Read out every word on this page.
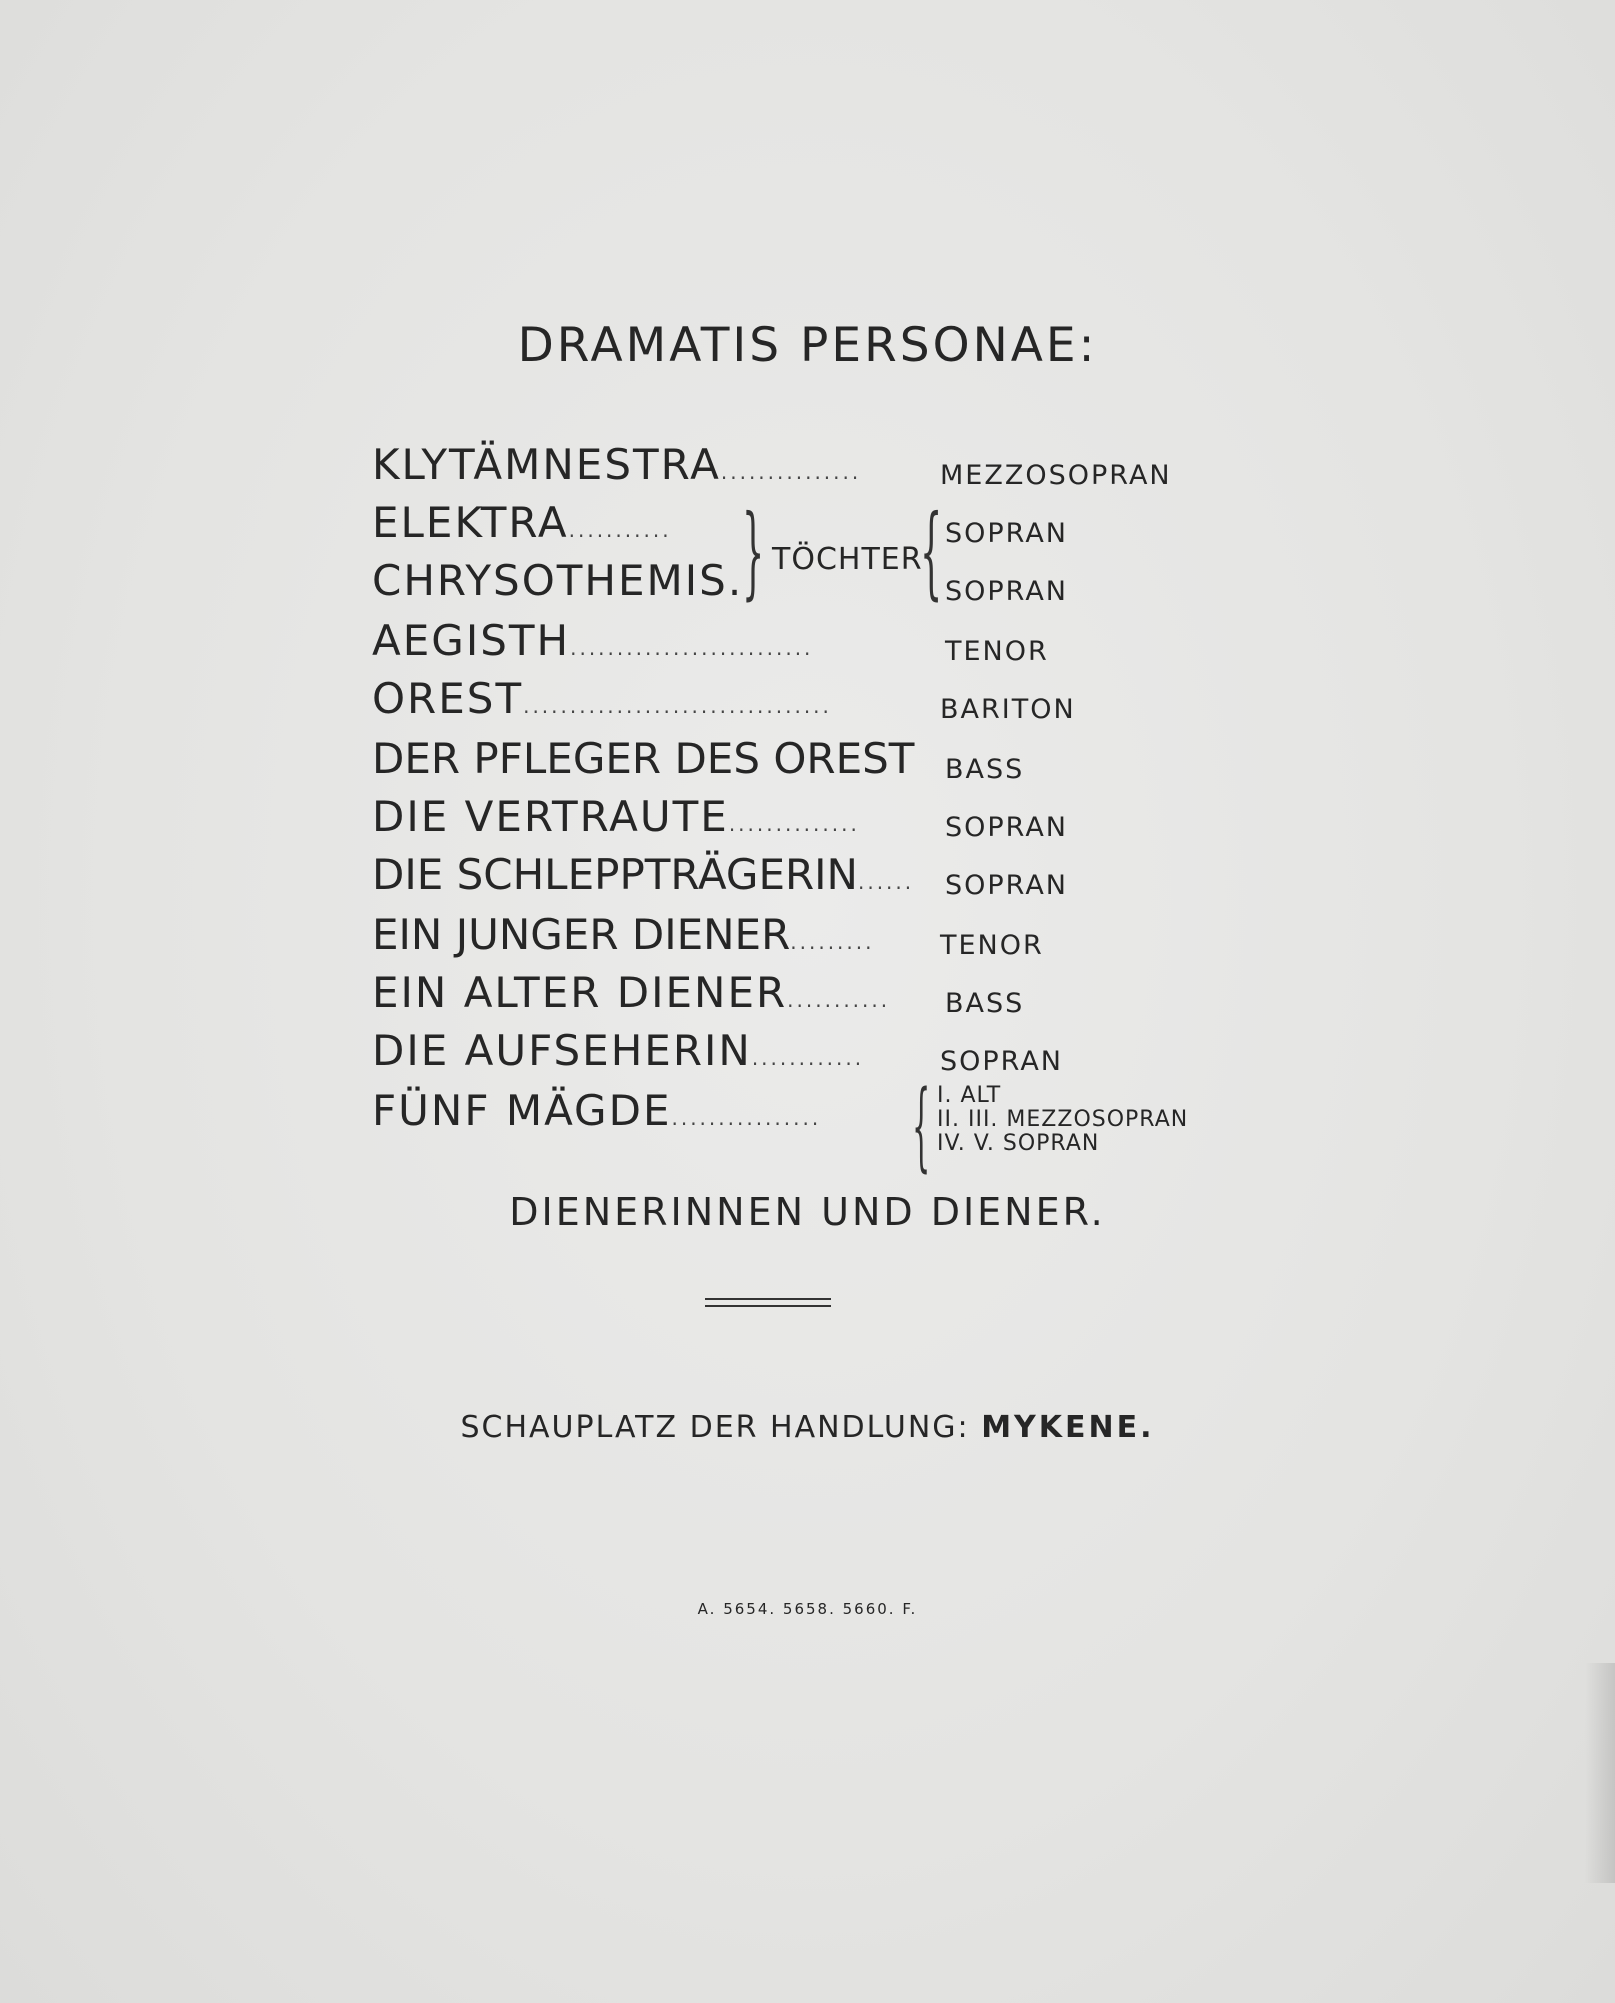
DRAMATIS PERSONAE:
KLYTÄMNESTRA...............	MEZZOSOPRAN
ELEKTRA...........	SOPRAN
CHRYSOTHEMIS.	SOPRAN
} TÖCHTER
{
AEGISTH..........................	TENOR
OREST.................................	BARITON
DER PFLEGER DES OREST BASS
DIE VERTRAUTE..............	SOPRAN
DIE SCHLEPPTRÄGERIN...... SOPRAN
EIN JUNGER DIENER......... TENOR
EIN ALTER DIENER........... BASS
DIE AUFSEHERIN............	SOPRAN
FÜNF MÄGDE................ { I. ALT
II. III. MEZZOSOPRAN
IV. V. SOPRAN
DIENERINNEN UND DIENER.
SCHAUPLATZ DER HANDLUNG: MYKENE.
A. 5654. 5658. 5660. F.
